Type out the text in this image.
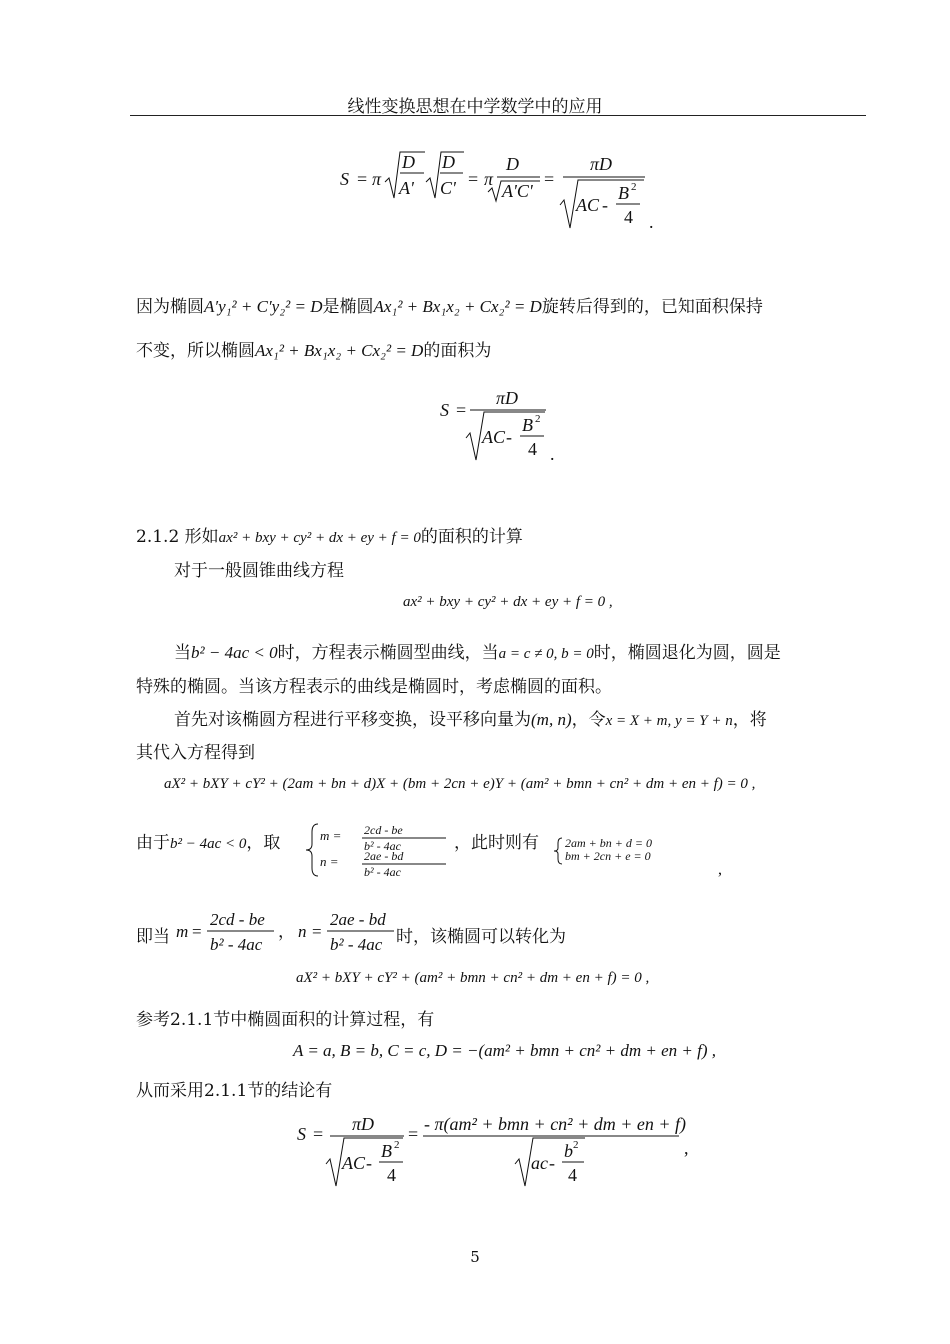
线性变换思想在中学数学中的应用
S = π
D
A'
D
C' = π
D
A'C'
=
πD
AC -
B 2
4 .
因为椭圆A′y₁² + C′y₂² = D是椭圆Ax₁² + Bx₁x₂ + Cx₂² = D旋转后得到的，已知面积保持
不变，所以椭圆Ax₁² + Bx₁x₂ + Cx₂² = D的面积为
S =
πD
AC -
B 2
4 .
2.1.2 形如ax² + bxy + cy² + dx + ey + f = 0的面积的计算
对于一般圆锥曲线方程
ax² + bxy + cy² + dx + ey + f = 0 ,
当b² − 4ac < 0时，方程表示椭圆型曲线，当a = c ≠ 0, b = 0时，椭圆退化为圆，圆是
特殊的椭圆。当该方程表示的曲线是椭圆时，考虑椭圆的面积。
首先对该椭圆方程进行平移变换，设平移向量为(m, n)，令x = X + m, y = Y + n，将
其代入方程得到
aX² + bXY + cY² + (2am + bn + d)X + (bm + 2cn + e)Y + (am² + bmn + cn² + dm + en + f) = 0 ,
由于b² − 4ac < 0，取	m = 2cd - be
b² - 4ac
n = 2ae - bd
b² - 4ac
，此时则有 2am + bn + d = 0
bm + 2cn + e = 0
,
即当 m =
2cd - be
b² - 4ac
， n =
2ae - bd
b² - 4ac 时，该椭圆可以转化为
aX² + bXY + cY² + (am² + bmn + cn² + dm + en + f) = 0 ,
参考2.1.1节中椭圆面积的计算过程，有
A = a, B = b, C = c, D = −(am² + bmn + cn² + dm + en + f) ,
从而采用2.1.1节的结论有
S = πD
AC -
B 2
4
= - π(am² + bmn + cn² + dm + en + f)
ac -
b 2
4
,
5
